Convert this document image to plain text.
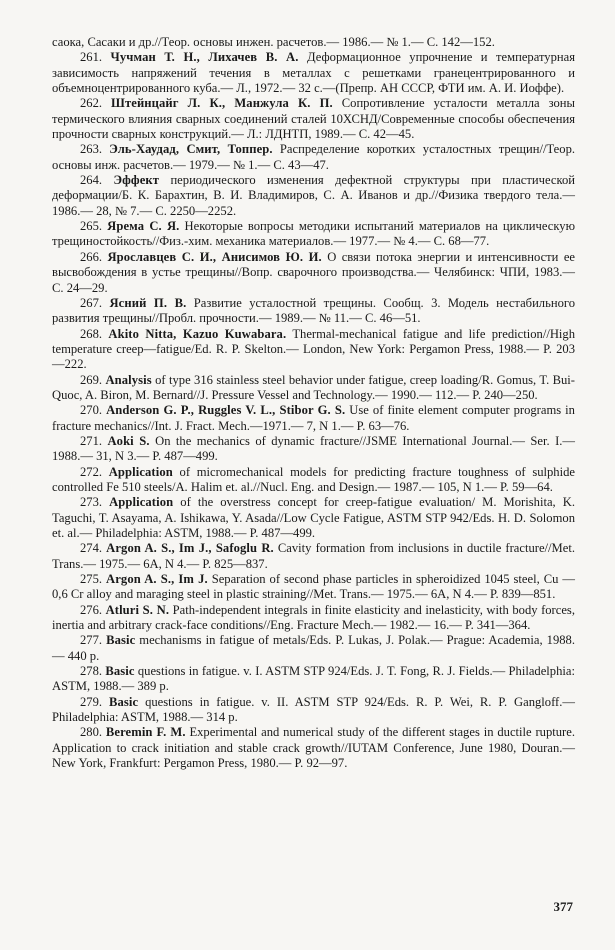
саока, Сасаки и др.//Теор. основы инжен. расчетов.— 1986.— № 1.— С. 142—152.

261. Чучман Т. Н., Лихачев В. А. Деформационное упрочнение и температурная зависимость напряжений течения в металлах с решетками гранецентрированного и объемноцентрированного куба.— Л., 1972.— 32 с.—(Препр. АН СССР, ФТИ им. А. И. Иоффе).

262. Штейнцайг Л. К., Манжула К. П. Сопротивление усталости металла зоны термического влияния сварных соединений сталей 10ХСНД/Современные способы обеспечения прочности сварных конструкций.— Л.: ЛДНТП, 1989.— С. 42—45.

263. Эль-Хаудад, Смит, Топпер. Распределение коротких усталостных трещин//Теор. основы инж. расчетов.— 1979.— № 1.— С. 43—47.

264. Эффект периодического изменения дефектной структуры при пластической деформации/Б. К. Барахтин, В. И. Владимиров, С. А. Иванов и др.//Физика твердого тела.— 1986.— 28, № 7.— С. 2250—2252.

265. Ярема С. Я. Некоторые вопросы методики испытаний материалов на циклическую трещиностойкость//Физ.-хим. механика материалов.— 1977.— № 4.— С. 68—77.

266. Ярославцев С. И., Анисимов Ю. И. О связи потока энергии и интенсивности ее высвобождения в устье трещины//Вопр. сварочного производства.— Челябинск: ЧПИ, 1983.— С. 24—29.

267. Ясний П. В. Развитие усталостной трещины. Сообщ. 3. Модель нестабильного развития трещины//Пробл. прочности.— 1989.— № 11.— С. 46—51.

268. Akito Nitta, Kazuo Kuwabara. Thermal-mechanical fatigue and life prediction//High temperature creep—fatigue/Ed. R. P. Skelton.— London, New York: Pergamon Press, 1988.— P. 203—222.

269. Analysis of type 316 stainless steel behavior under fatigue, creep loading/R. Gomus, T. Bui-Quoc, A. Biron, M. Bernard//J. Pressure Vessel and Technology.— 1990.— 112.— P. 240—250.

270. Anderson G. P., Ruggles V. L., Stibor G. S. Use of finite element computer programs in fracture mechanics//Int. J. Fract. Mech.—1971.— 7, N 1.— P. 63—76.

271. Aoki S. On the mechanics of dynamic fracture//JSME International Journal.— Ser. I.— 1988.— 31, N 3.— P. 487—499.

272. Application of micromechanical models for predicting fracture toughness of sulphide controlled Fe 510 steels/A. Halim et. al.//Nucl. Eng. and Design.— 1987.— 105, N 1.— P. 59—64.

273. Application of the overstress concept for creep-fatigue evaluation/ M. Morishita, K. Taguchi, T. Asayama, A. Ishikawa, Y. Asada//Low Cycle Fatigue, ASTM STP 942/Eds. H. D. Solomon et. al.— Philadelphia: ASTM, 1988.— P. 487—499.

274. Argon A. S., Im J., Safoglu R. Cavity formation from inclusions in ductile fracture//Met. Trans.— 1975.— 6A, N 4.— P. 825—837.

275. Argon A. S., Im J. Separation of second phase particles in spheroidized 1045 steel, Cu — 0,6 Cr alloy and maraging steel in plastic straining//Met. Trans.— 1975.— 6A, N 4.— P. 839—851.

276. Atluri S. N. Path-independent integrals in finite elasticity and inelasticity, with body forces, inertia and arbitrary crack-face conditions//Eng. Fracture Mech.— 1982.— 16.— P. 341—364.

277. Basic mechanisms in fatigue of metals/Eds. P. Lukas, J. Polak.— Prague: Academia, 1988.— 440 p.

278. Basic questions in fatigue. v. I. ASTM STP 924/Eds. J. T. Fong, R. J. Fields.— Philadelphia: ASTM, 1988.— 389 p.

279. Basic questions in fatigue. v. II. ASTM STP 924/Eds. R. P. Wei, R. P. Gangloff.— Philadelphia: ASTM, 1988.— 314 p.

280. Beremin F. M. Experimental and numerical study of the different stages in ductile rupture. Application to crack initiation and stable crack growth//IUTAM Conference, June 1980, Douran.— New York, Frankfurt: Pergamon Press, 1980.— P. 92—97.

377
